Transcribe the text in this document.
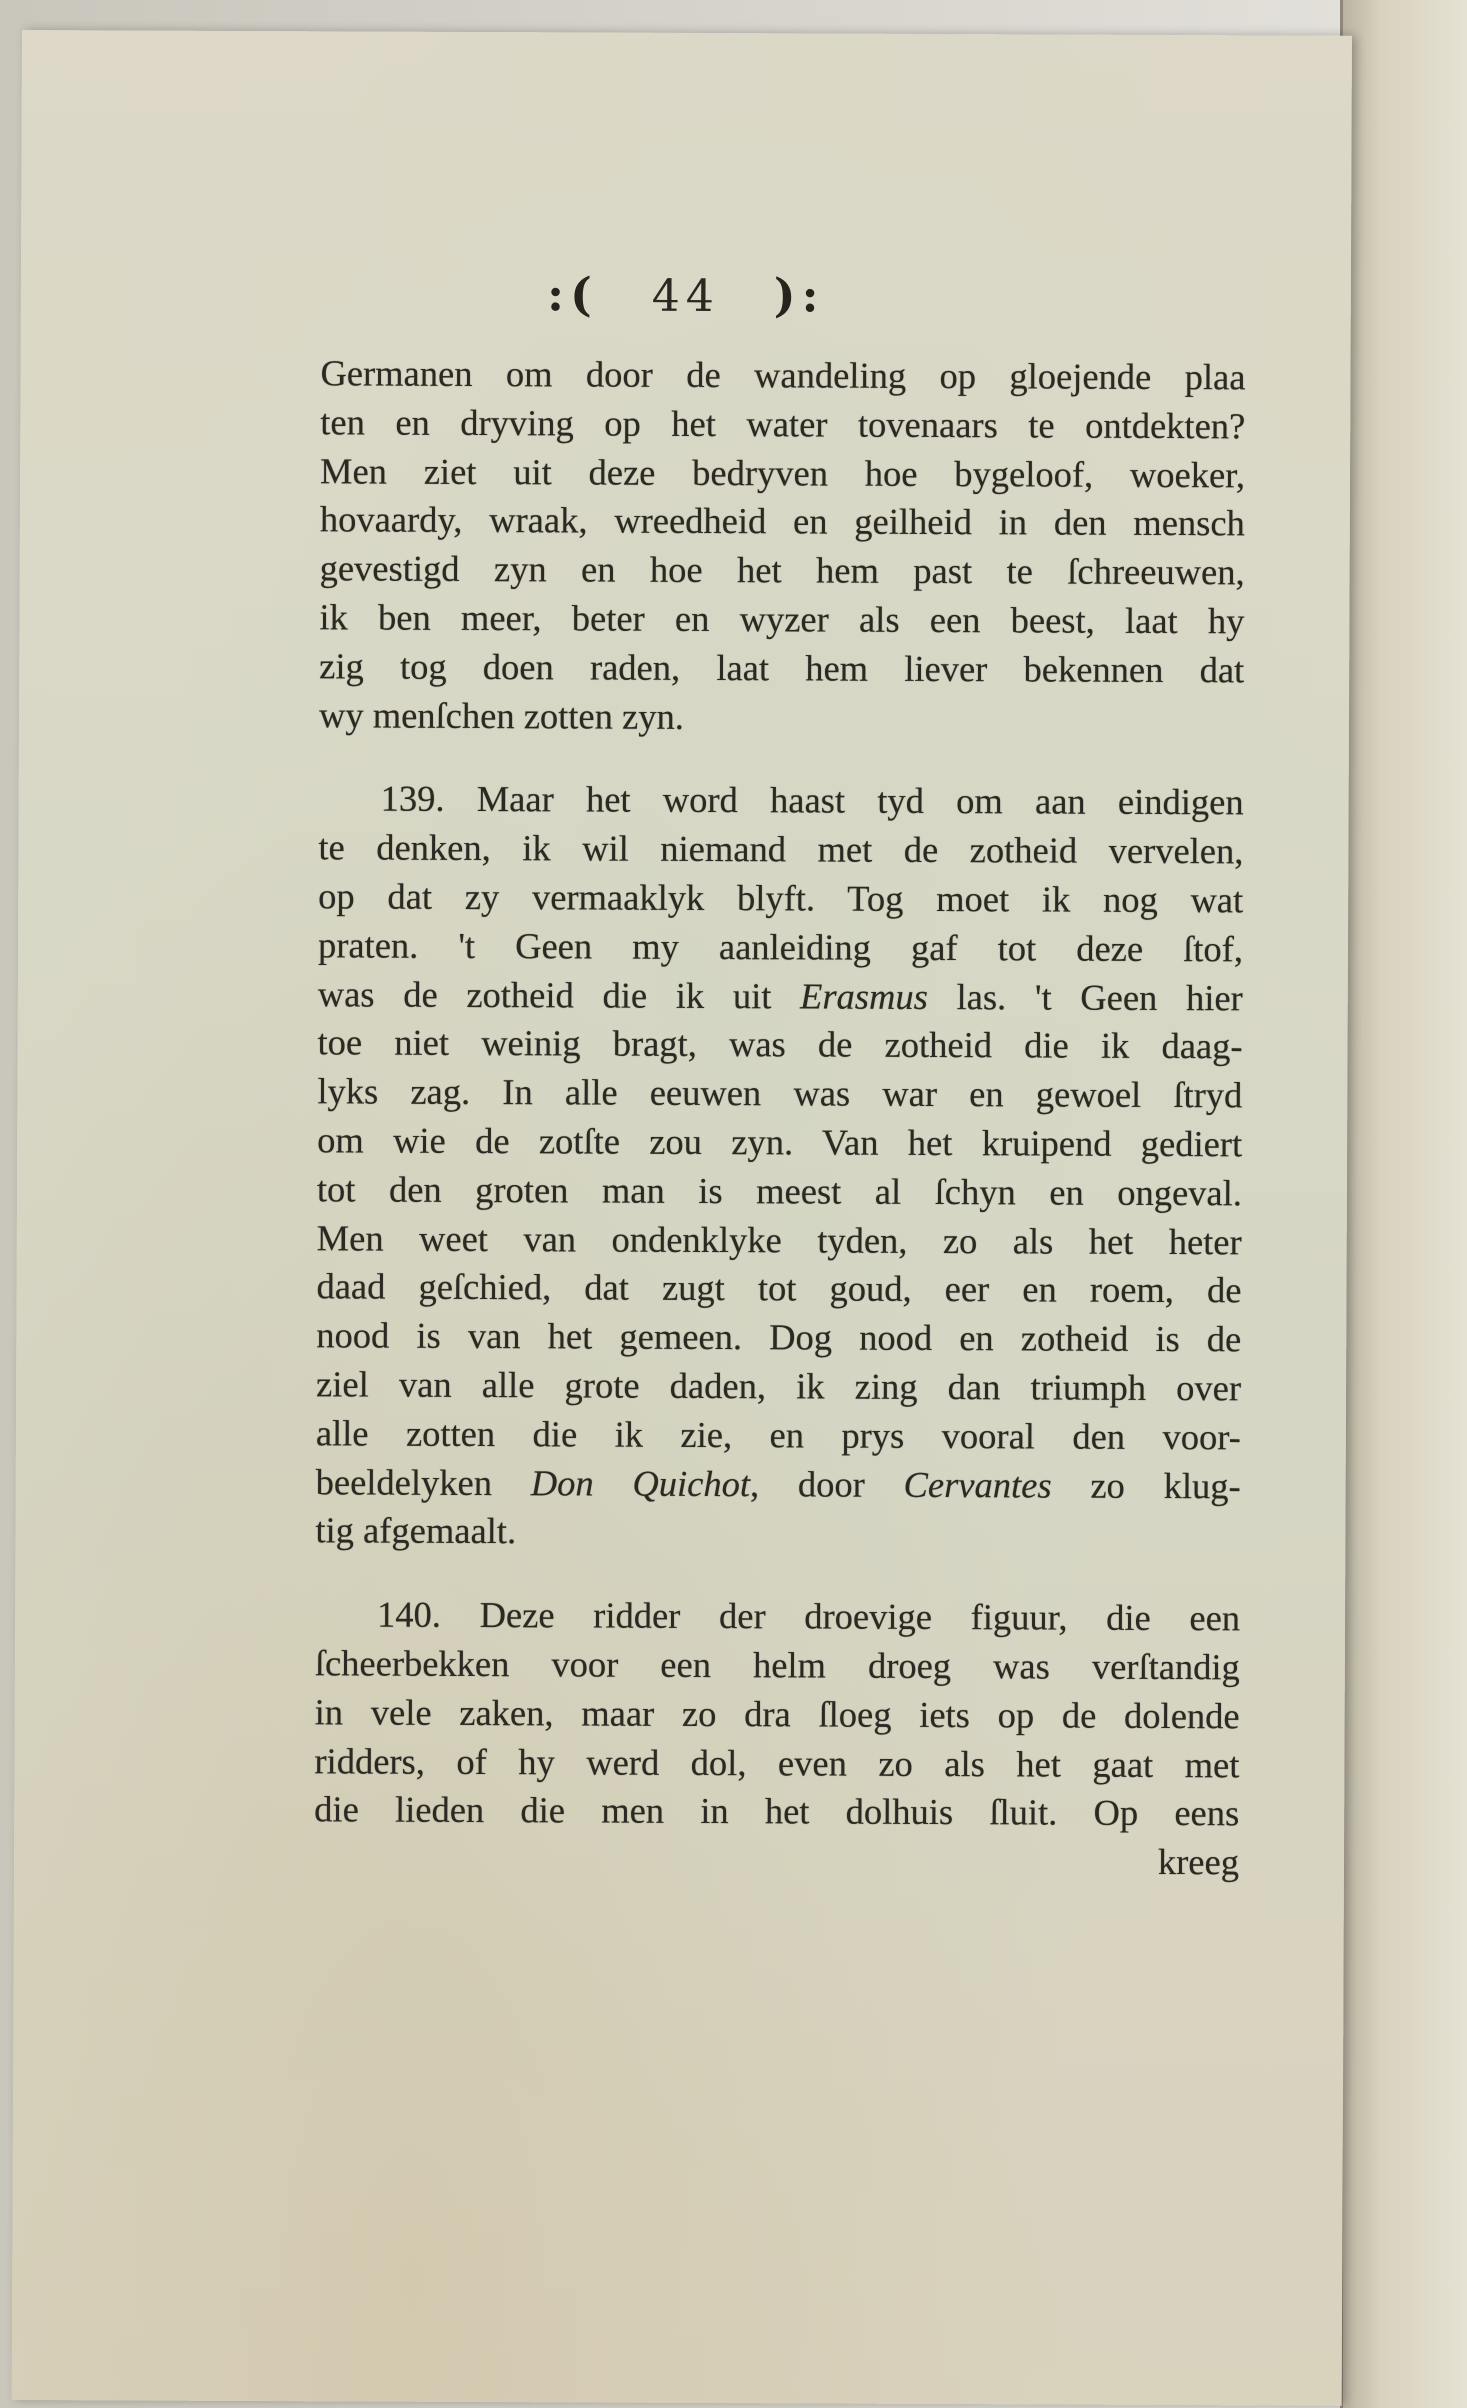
:( 44 ):
Germanen om door de wandeling op gloejende plaa
ten en dryving op het water tovenaars te ontdekten?
Men ziet uit deze bedryven hoe bygeloof, woeker,
hovaardy, wraak, wreedheid en geilheid in den mensch
gevestigd zyn en hoe het hem past te ſchreeuwen,
ik ben meer, beter en wyzer als een beest, laat hy
zig tog doen raden, laat hem liever bekennen dat
wy menſchen zotten zyn.
139. Maar het word haast tyd om aan eindigen
te denken, ik wil niemand met de zotheid vervelen,
op dat zy vermaaklyk blyft. Tog moet ik nog wat
praten. 't Geen my aanleiding gaf tot deze ſtof,
was de zotheid die ik uit Erasmus las. 't Geen hier
toe niet weinig bragt, was de zotheid die ik daag-
lyks zag. In alle eeuwen was war en gewoel ſtryd
om wie de zotſte zou zyn. Van het kruipend gediert
tot den groten man is meest al ſchyn en ongeval.
Men weet van ondenklyke tyden, zo als het heter
daad geſchied, dat zugt tot goud, eer en roem, de
nood is van het gemeen. Dog nood en zotheid is de
ziel van alle grote daden, ik zing dan triumph over
alle zotten die ik zie, en prys vooral den voor-
beeldelyken Don Quichot, door Cervantes zo klug-
tig afgemaalt.
140. Deze ridder der droevige figuur, die een
ſcheerbekken voor een helm droeg was verſtandig
in vele zaken, maar zo dra ſloeg iets op de dolende
ridders, of hy werd dol, even zo als het gaat met
die lieden die men in het dolhuis ſluit. Op eens
kreeg
